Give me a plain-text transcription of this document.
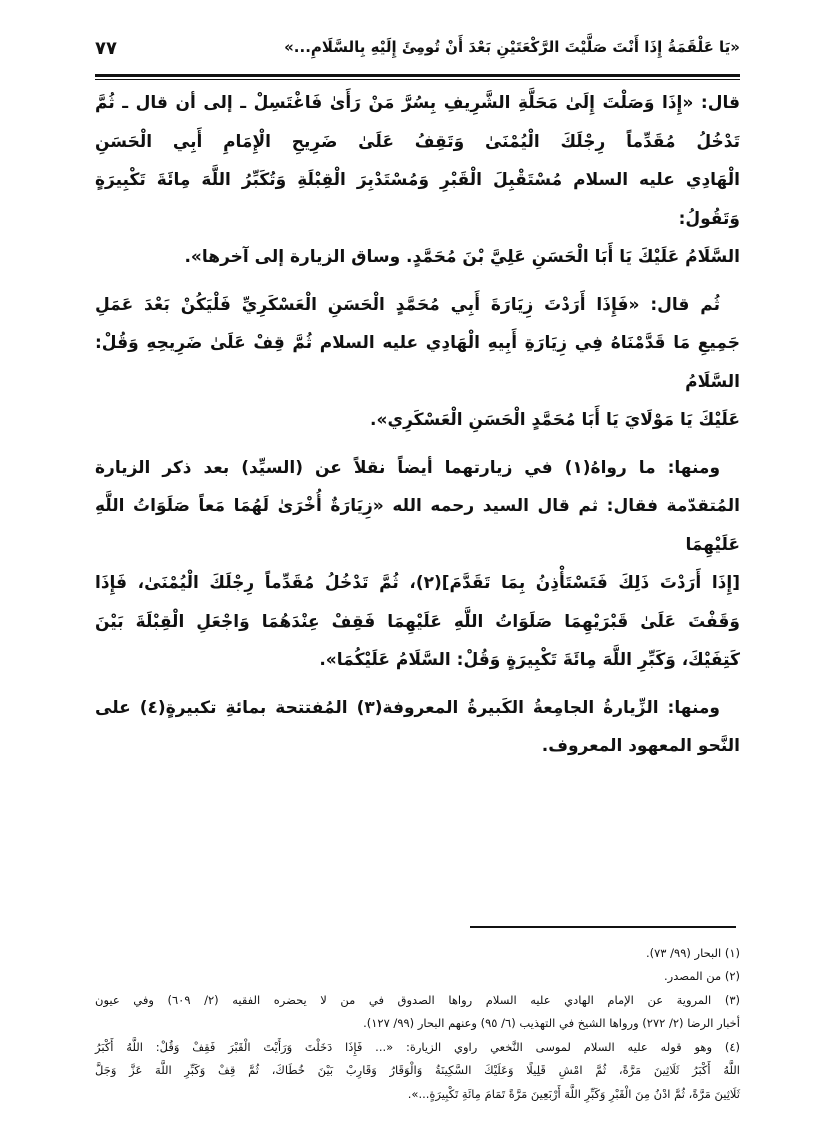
«يَا عَلْقَمَةُ إِذَا أَنْتَ صَلَّيْتَ الرَّكْعَتَيْنِ بَعْدَ أَنْ تُومِئَ إِلَيْهِ بِالسَّلَامِ...»
٧٧
قال: «إِذَا وَصَلْتَ إِلَىٰ مَحَلَّةِ الشَّرِيفِ بِسُرَّ مَنْ رَأَىٰ فَاغْتَسِلْ ـ إلى أن قال ـ ثُمَّ
تَدْخُلُ مُقَدِّماً رِجْلَكَ الْيُمْنَىٰ وَتَقِفُ عَلَىٰ ضَرِيحِ الْإِمَامِ أَبِي الْحَسَنِ
الْهَادِي عليه السلام مُسْتَقْبِلَ الْقَبْرِ وَمُسْتَدْبِرَ الْقِبْلَةِ وَتُكَبِّرُ اللَّهَ مِائَةَ تَكْبِيرَةٍ وَتَقُولُ:
السَّلَامُ عَلَيْكَ يَا أَبَا الْحَسَنِ عَلِيَّ بْنَ مُحَمَّدٍ. وساق الزيارة إلى آخرها».
ثُم قال: «فَإِذَا أَرَدْتَ زِيَارَةَ أَبِي مُحَمَّدٍ الْحَسَنِ الْعَسْكَرِيِّ فَلْيَكُنْ بَعْدَ عَمَلِ
جَمِيعِ مَا قَدَّمْنَاهُ فِي زِيَارَةِ أَبِيهِ الْهَادِي عليه السلام ثُمَّ قِفْ عَلَىٰ ضَرِيحِهِ وَقُلْ: السَّلَامُ
عَلَيْكَ يَا مَوْلَايَ يَا أَبَا مُحَمَّدٍ الْحَسَنِ الْعَسْكَرِي».
ومنها: ما رواهُ(١) في زيارتهما أيضاً نقلاً عن (السيِّد) بعد ذكر الزيارة
المُتقدّمة فقال: ثم قال السيد رحمه الله «زِيَارَةٌ أُخْرَىٰ لَهُمَا مَعاً صَلَوَاتُ اللَّهِ عَلَيْهِمَا
[إِذَا أَرَدْتَ ذَلِكَ فَتَسْتَأْذِنُ بِمَا تَقَدَّمَ](٢)، ثُمَّ تَدْخُلُ مُقَدِّماً رِجْلَكَ الْيُمْنَىٰ، فَإِذَا
وَقَفْتَ عَلَىٰ قَبْرَيْهِمَا صَلَوَاتُ اللَّهِ عَلَيْهِمَا فَقِفْ عِنْدَهُمَا وَاجْعَلِ الْقِبْلَةَ بَيْنَ
كَتِفَيْكَ، وَكَبِّرِ اللَّهَ مِائَةَ تَكْبِيرَةٍ وَقُلْ: السَّلَامُ عَلَيْكُمَا».
ومنها: الزِّيارةُ الجامِعةُ الكَبيرةُ المعروفة(٣) المُفتتحة بمائةِ تكبيرةٍ(٤) على
النَّحو المعهود المعروف.
(١) البحار (٩٩/ ٧٣).
(٢) من المصدر.
(٣) المروية عن الإمام الهادي عليه السلام رواها الصدوق في من لا يحضره الفقيه (٢/ ٦٠٩) وفي عيون
أخبار الرضا (٢/ ٢٧٢) ورواها الشيخ في التهذيب (٦/ ٩٥) وعنهم البحار (٩٩/ ١٢٧).
(٤) وهو قوله عليه السلام لموسى النَّخعي راوي الزيارة: «... فَإِذَا دَخَلْتَ وَرَأَيْتَ الْقَبْرَ فَقِفْ وَقُلْ: اللَّهُ أَكْبَرُ
اللَّهُ أَكْبَرُ ثَلَاثِينَ مَرَّةً، ثُمَّ امْشِ قَلِيلًا وَعَلَيْكَ السَّكِينَةُ وَالْوَقَارُ وَقَارِبْ بَيْنَ خُطَاكَ، ثُمَّ قِفْ وَكَبِّرِ اللَّهَ عَزَّ وَجَلَّ
ثَلَاثِينَ مَرَّةً، ثُمَّ ادْنُ مِنَ الْقَبْرِ وَكَبِّرِ اللَّهَ أَرْبَعِينَ مَرَّةً تَمَامَ مِائَةِ تَكْبِيرَةٍ...».
